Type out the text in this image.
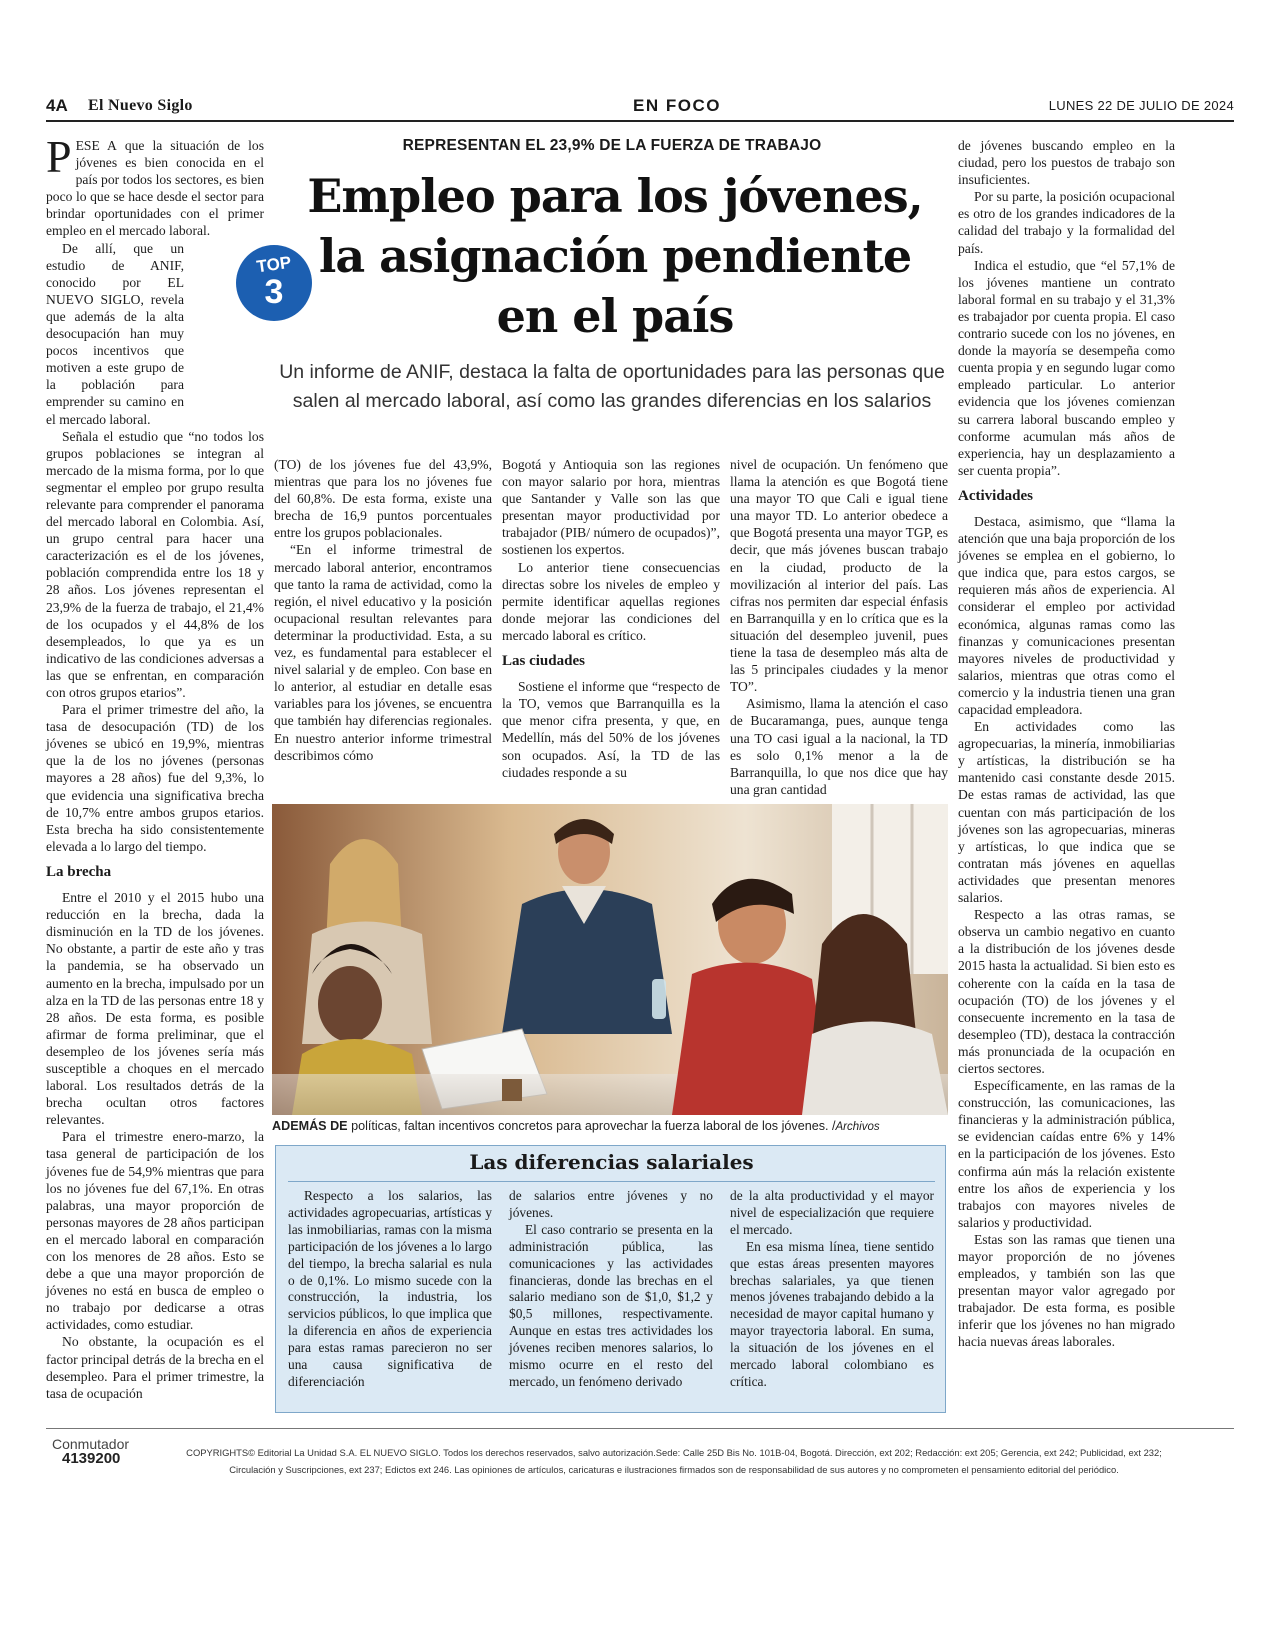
4A El Nuevo Siglo	EN FOCO	LUNES 22 DE JULIO DE 2024

PESE A que la situación de los jóvenes es bien conocida en el país por todos los sectores, es bien poco lo que se hace desde el sector para brindar oportunidades con el primer empleo en el mercado laboral.

De allí, que un estudio de ANIF, conocido por EL NUEVO SIGLO, revela que además de la alta desocupación han muy pocos incentivos que motiven a este grupo de la población para emprender su camino en el mercado laboral.

Señala el estudio que “no todos los grupos poblaciones se integran al mercado de la misma forma, por lo que segmentar el empleo por grupo resulta relevante para comprender el panorama del mercado laboral en Colombia. Así, un grupo central para hacer una caracterización es el de los jóvenes, población comprendida entre los 18 y 28 años. Los jóvenes representan el 23,9% de la fuerza de trabajo, el 21,4% de los ocupados y el 44,8% de los desempleados, lo que ya es un indicativo de las condiciones adversas a las que se enfrentan, en comparación con otros grupos etarios”.

Para el primer trimestre del año, la tasa de desocupación (TD) de los jóvenes se ubicó en 19,9%, mientras que la de los no jóvenes (personas mayores a 28 años) fue del 9,3%, lo que evidencia una significativa brecha de 10,7% entre ambos grupos etarios. Esta brecha ha sido consistentemente elevada a lo largo del tiempo.

La brecha

Entre el 2010 y el 2015 hubo una reducción en la brecha, dada la disminución en la TD de los jóvenes. No obstante, a partir de este año y tras la pandemia, se ha observado un aumento en la brecha, impulsado por un alza en la TD de las personas entre 18 y 28 años. De esta forma, es posible afirmar de forma preliminar, que el desempleo de los jóvenes sería más susceptible a choques en el mercado laboral. Los resultados detrás de la brecha ocultan otros factores relevantes.

Para el trimestre enero-marzo, la tasa general de participación de los jóvenes fue de 54,9% mientras que para los no jóvenes fue del 67,1%. En otras palabras, una mayor proporción de personas mayores de 28 años participan en el mercado laboral en comparación con los menores de 28 años. Esto se debe a que una mayor proporción de jóvenes no está en busca de empleo o no trabajo por dedicarse a otras actividades, como estudiar.

No obstante, la ocupación es el factor principal detrás de la brecha en el desempleo. Para el primer trimestre, la tasa de ocupación

TOP
3
REPRESENTAN EL 23,9% DE LA FUERZA DE TRABAJO
Empleo para los jóvenes,
la asignación pendiente
en el país
Un informe de ANIF, destaca la falta de oportunidades para las personas que salen al mercado laboral, así como las grandes diferencias en los salarios

(TO) de los jóvenes fue del 43,9%, mientras que para los no jóvenes fue del 60,8%. De esta forma, existe una brecha de 16,9 puntos porcentuales entre los grupos poblacionales.

“En el informe trimestral de mercado laboral anterior, encontramos que tanto la rama de actividad, como la región, el nivel educativo y la posición ocupacional resultan relevantes para determinar la productividad. Esta, a su vez, es fundamental para establecer el nivel salarial y de empleo. Con base en lo anterior, al estudiar en detalle esas variables para los jóvenes, se encuentra que también hay diferencias regionales. En nuestro anterior informe trimestral describimos cómo

Bogotá y Antioquia son las regiones con mayor salario por hora, mientras que Santander y Valle son las que presentan mayor productividad por trabajador (PIB/ número de ocupados)”, sostienen los expertos.

Lo anterior tiene consecuencias directas sobre los niveles de empleo y permite identificar aquellas regiones donde mejorar las condiciones del mercado laboral es crítico.

Las ciudades

Sostiene el informe que “respecto de la TO, vemos que Barranquilla es la que menor cifra presenta, y que, en Medellín, más del 50% de los jóvenes son ocupados. Así, la TD de las ciudades responde a su

nivel de ocupación. Un fenómeno que llama la atención es que Bogotá tiene una mayor TO que Cali e igual tiene una mayor TD. Lo anterior obedece a que Bogotá presenta una mayor TGP, es decir, que más jóvenes buscan trabajo en la ciudad, producto de la movilización al interior del país. Las cifras nos permiten dar especial énfasis en Barranquilla y en lo crítica que es la situación del desempleo juvenil, pues tiene la tasa de desempleo más alta de las 5 principales ciudades y la menor TO”.

Asimismo, llama la atención el caso de Bucaramanga, pues, aunque tenga una TO casi igual a la nacional, la TD es solo 0,1% menor a la de Barranquilla, lo que nos dice que hay una gran cantidad

de jóvenes buscando empleo en la ciudad, pero los puestos de trabajo son insuficientes.

Por su parte, la posición ocupacional es otro de los grandes indicadores de la calidad del trabajo y la formalidad del país.

Indica el estudio, que “el 57,1% de los jóvenes mantiene un contrato laboral formal en su trabajo y el 31,3% es trabajador por cuenta propia. El caso contrario sucede con los no jóvenes, en donde la mayoría se desempeña como cuenta propia y en segundo lugar como empleado particular. Lo anterior evidencia que los jóvenes comienzan su carrera laboral buscando empleo y conforme acumulan más años de experiencia, hay un desplazamiento a ser cuenta propia”.

Actividades

Destaca, asimismo, que “llama la atención que una baja proporción de los jóvenes se emplea en el gobierno, lo que indica que, para estos cargos, se requieren más años de experiencia. Al considerar el empleo por actividad económica, algunas ramas como las finanzas y comunicaciones presentan mayores niveles de productividad y salarios, mientras que otras como el comercio y la industria tienen una gran capacidad empleadora.

En actividades como las agropecuarias, la minería, inmobiliarias y artísticas, la distribución se ha mantenido casi constante desde 2015. De estas ramas de actividad, las que cuentan con más participación de los jóvenes son las agropecuarias, mineras y artísticas, lo que indica que se contratan más jóvenes en aquellas actividades que presentan menores salarios.

Respecto a las otras ramas, se observa un cambio negativo en cuanto a la distribución de los jóvenes desde 2015 hasta la actualidad. Si bien esto es coherente con la caída en la tasa de ocupación (TO) de los jóvenes y el consecuente incremento en la tasa de desempleo (TD), destaca la contracción más pronunciada de la ocupación en ciertos sectores.

Específicamente, en las ramas de la construcción, las comunicaciones, las financieras y la administración pública, se evidencian caídas entre 6% y 14% en la participación de los jóvenes. Esto confirma aún más la relación existente entre los años de experiencia y los trabajos con mayores niveles de salarios y productividad.

Estas son las ramas que tienen una mayor proporción de no jóvenes empleados, y también son las que presentan mayor valor agregado por trabajador. De esta forma, es posible inferir que los jóvenes no han migrado hacia nuevas áreas laborales.

ADEMÁS DE políticas, faltan incentivos concretos para aprovechar la fuerza laboral de los jóvenes. /Archivos
Las diferencias salariales

Respecto a los salarios, las actividades agropecuarias, artísticas y las inmobiliarias, ramas con la misma participación de los jóvenes a lo largo del tiempo, la brecha salarial es nula o de 0,1%. Lo mismo sucede con la construcción, la industria, los servicios públicos, lo que implica que la diferencia en años de experiencia para estas ramas parecieron no ser una causa significativa de diferenciación

de salarios entre jóvenes y no jóvenes.

El caso contrario se presenta en la administración pública, las comunicaciones y las actividades financieras, donde las brechas en el salario mediano son de $1,0, $1,2 y $0,5 millones, respectivamente. Aunque en estas tres actividades los jóvenes reciben menores salarios, lo mismo ocurre en el resto del mercado, un fenómeno derivado

de la alta productividad y el mayor nivel de especialización que requiere el mercado.

En esa misma línea, tiene sentido que estas áreas presenten mayores brechas salariales, ya que tienen menos jóvenes trabajando debido a la necesidad de mayor capital humano y mayor trayectoria laboral. En suma, la situación de los jóvenes en el mercado laboral colombiano es crítica.

Conmutador
4139200	COPYRIGHTS© Editorial La Unidad S.A. EL NUEVO SIGLO. Todos los derechos reservados, salvo autorización.Sede: Calle 25D Bis No. 101B-04, Bogotá. Dirección, ext 202; Redacción: ext 205; Gerencia, ext 242; Publicidad, ext 232;
Circulación y Suscripciones, ext 237; Edictos ext 246. Las opiniones de artículos, caricaturas e ilustraciones firmados son de responsabilidad de sus autores y no comprometen el pensamiento editorial del periódico.
